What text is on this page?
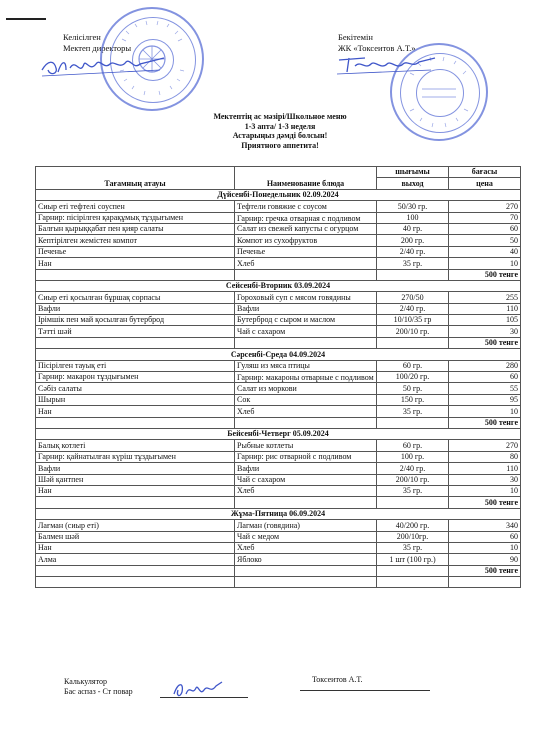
Келісілген
Мектеп директоры
Бекітемін
ЖК «Токсеитов А.Т.»
Мектептің ас мәзірі/Школьное меню
1-3 апта/ 1-3 неделя
Астарыңыз дәмді болсын!
Приятного аппетита!
Тағамның атауы	Наименование блюда	шығымы	бағасы
		выход	цена
Дүйсенбі-Понедельник 02.09.2024			
Сиыр еті тефтелі соуспен	Тефтели говяжие с соусом	50/30 гр.	270
Гарнир: пісірілген қарақұмық тұздығымен	Гарнир: гречка отварная с подливом	100	70
Балғын қырыққабат пен қияр салаты	Салат из свежей капусты с огурцом	40 гр.	60
Кептірілген жемістен компот	Компот из сухофруктов	200 гр.	50
Печенье	Печенье	2/40 гр.	40
Нан	Хлеб	35 гр.	10
			500 тенге
Сейсенбі-Вторник 03.09.2024			
Сиыр еті қосылған бұршақ сорпасы	Гороховый суп с мясом говядины	270/50	255
Вафли	Вафли	2/40 гр.	110
Ірімшік пен май қосылған бутерброд	Бутерброд с сыром и маслом	10/10/35 гр	105
Тәтті шәй	Чай с сахаром	200/10 гр.	30
			500 тенге
Сәрсенбі-Среда 04.09.2024			
Пісірілген тауық еті	Гуляш из мяса птицы	60 гр.	280
Гарнир: макарон тұздығымен	Гарнир: макароны отварные с подливом	100/20 гр.	60
Сәбіз салаты	Салат из моркови	50 гр.	55
Шырын	Сок	150 гр.	95
Нан	Хлеб	35 гр.	10
			500 тенге
Бейсенбі-Четверг 05.09.2024			
Балық котлеті	Рыбные котлеты	60 гр.	270
Гарнир: қайнатылған күріш тұздығымен	Гарнир: рис отварной с подливом	100 гр.	80
Вафли	Вафли	2/40 гр.	110
Шәй қантпен	Чай с сахаром	200/10 гр.	30
Нан	Хлеб	35 гр.	10
			500 тенге
Жұма-Пятница 06.09.2024			
Лағман (сиыр еті)	Лагман (говядина)	40/200 гр.	340
Балмен шәй	Чай с медом	200/10гр.	60
Нан	Хлеб	35 гр.	10
Алма	Яблоко	1 шт (100 гр.)	90
			500 тенге

Калькулятор
Бас аспаз - Ст повар
Токсеитов А.Т.
